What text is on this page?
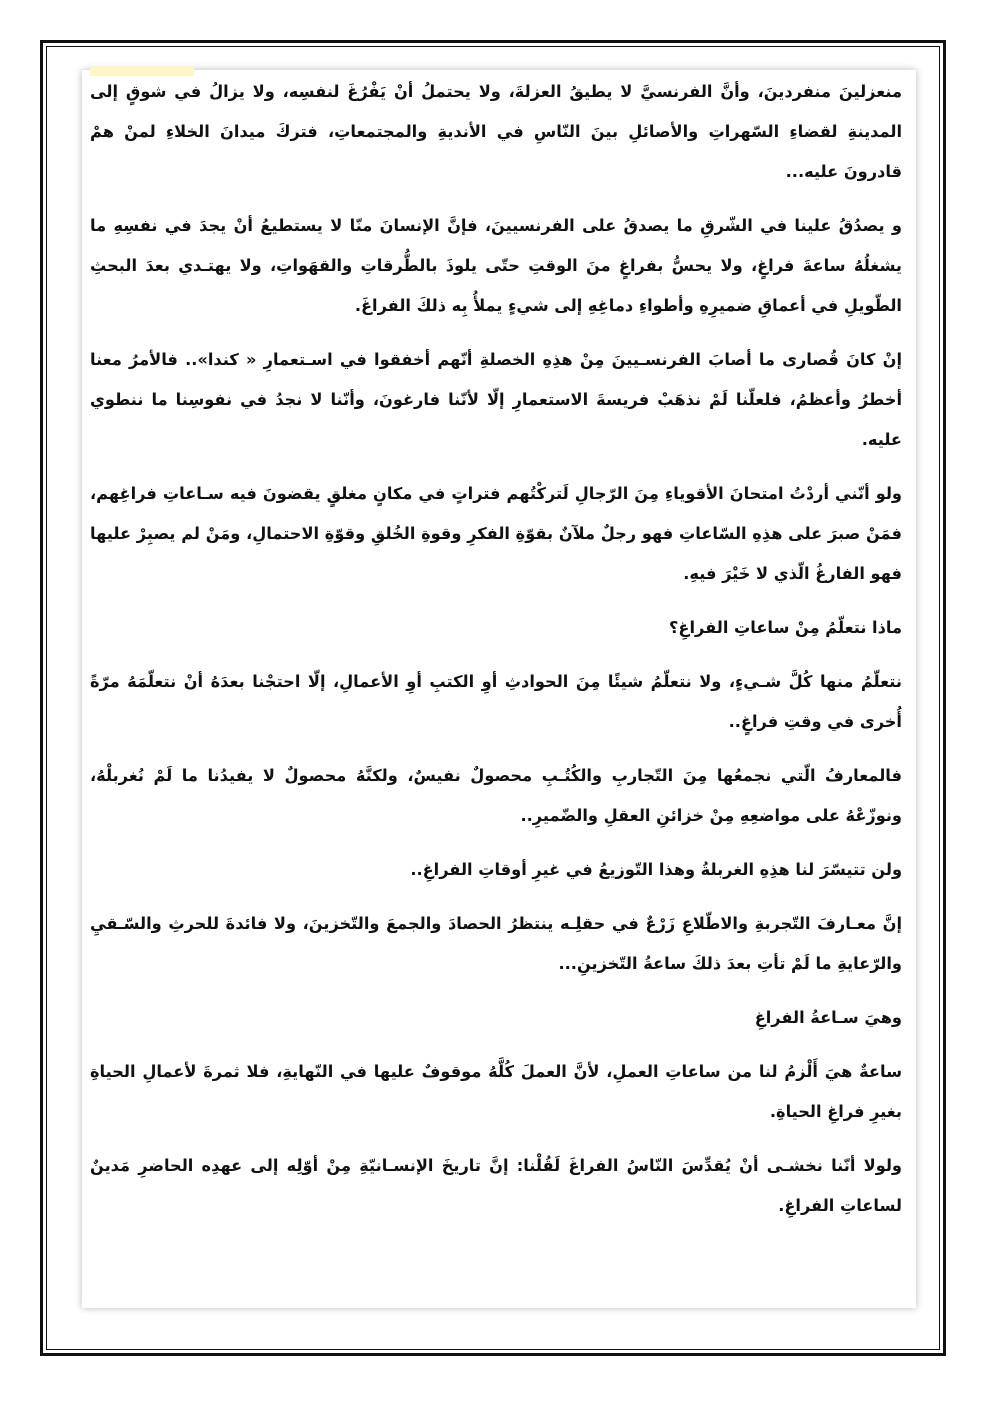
منعزلينَ منفردينَ، وأنَّ الفرنسيَّ لا يطيقُ العزلةَ، ولا يحتملُ أنْ يَفْرُغَ لنفسِه، ولا يزالُ في شوقٍ إلى المدينةِ لقضاءِ السّهراتِ والأصائلِ بينَ النّاسِ في الأنديةِ والمجتمعاتِ، فتركَ ميدانَ الخلاءِ لمنْ همْ قادرونَ عليه...

و يصدُقُ علينا في الشّرقِ ما يصدقُ على الفرنسيينَ، فإنَّ الإنسانَ منّا لا يستطيعُ أنْ يجدَ في نفسِهِ ما يشغلُهُ ساعةَ فراغٍ، ولا يحسُّ بفراغٍ منَ الوقتِ حتّى يلوذَ بالطُّرقاتِ والقهَواتِ، ولا يهتـدي بعدَ البحثِ الطّويلِ في أعماقِ ضميرِهِ وأطواءِ دماغِهِ إلى شيءٍ يملأُ بِه ذلكَ الفراغَ.

إنْ كانَ قُصارى ما أصابَ الفرنسـيينَ مِنْ هذِهِ الخصلةِ أنّهم أخفقوا في اسـتعمارِ « كندا».. فالأمرُ معنا أخطرُ وأعظمُ، فلعلّنا لَمْ نذهَبْ فريسةَ الاستعمارِ إلّا لأنّنا فارغونَ، وأنّنا لا نجدُ في نفوسِنا ما ننطوي عليه.

ولو أنّني أردْتُ امتحانَ الأقوياءِ مِنَ الرّجالِ لَتركْتُهم فتراتٍ في مكانٍ مغلقٍ يقضونَ فيه سـاعاتِ فراغِهم، فمَنْ صبرَ على هذِهِ السّاعاتِ فهو رجلٌ ملآنٌ بقوّةِ الفكرِ وقوةِ الخُلقِ وقوّةِ الاحتمالِ، ومَنْ لم يصبِرْ عليها فهو الفارغُ الّذي لا خَيْرَ فيهِ.

ماذا نتعلّمُ مِنْ ساعاتِ الفراغِ؟

نتعلّمُ منها كُلَّ شـيءٍ، ولا نتعلّمُ شيئًا مِنَ الحوادثِ أوِ الكتبِ أوِ الأعمالِ، إلّا احتجْنا بعدَهُ أنْ نتعلّمَهُ مرّةً أُخرى في وقتِ فراغٍ..

فالمعارفُ الّتي نجمعُها مِنَ التّجاربِ والكُتُـبِ محصولٌ نفيسٌ، ولكنَّهُ محصولٌ لا يفيدُنا ما لَمْ نُغربلْهُ، ونوزّعْهُ على مواضعِهِ مِنْ خزائنِ العقلِ والضّميرِ..

ولن تتيسّرَ لنا هذِهِ الغربلةُ وهذا التّوزيعُ في غيرِ أوقاتِ الفراغِ..

إنَّ معـارفَ التّجربةِ والاطّلاعِ زَرْعٌ في حقلِـه ينتظرُ الحصادَ والجمعَ والتّخزينَ، ولا فائدةَ للحرثِ والسّـقيِ والرّعايةِ ما لَمْ تأتِ بعدَ ذلكَ ساعةُ التّخزينِ...

وهيَ سـاعةُ الفراغِ

ساعةٌ هيَ أَلْزمُ لنا من ساعاتِ العملِ، لأنَّ العملَ كُلَّهُ موقوفٌ عليها في النّهايةِ، فلا ثمرةَ لأعمالِ الحياةِ بغيرِ فراغِ الحياةِ.

ولولا أنّنا نخشـى أنْ يُقدِّسَ النّاسُ الفراغَ لَقُلْنا: إنَّ تاريخَ الإنسـانيّةِ مِنْ أوّلِه إلى عهدِه الحاضرِ مَدينٌ لساعاتِ الفراغِ.
